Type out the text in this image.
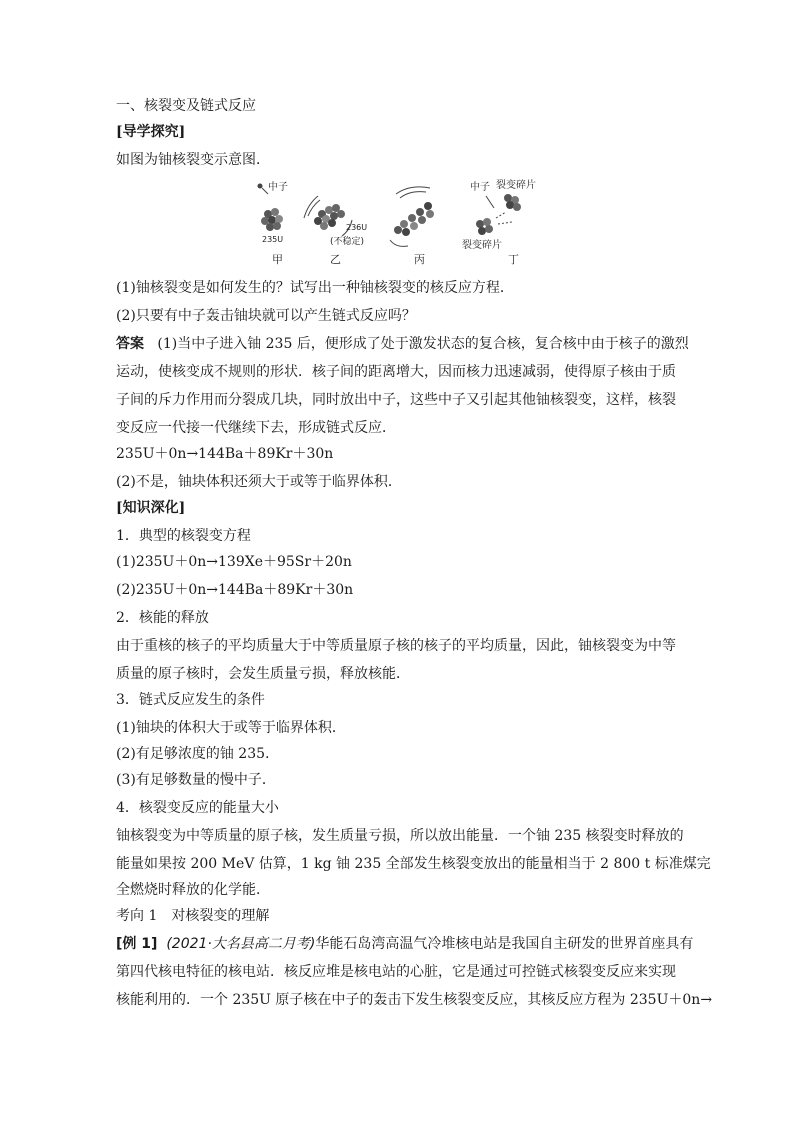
一、核裂变及链式反应
[导学探究]
如图为铀核裂变示意图．
中子
235U
甲
236U
(不稳定)
乙	丙
中子 裂变碎片
裂变碎片
丁
(1)铀核裂变是如何发生的？试写出一种铀核裂变的核反应方程．
(2)只要有中子轰击铀块就可以产生链式反应吗？
答案 (1)当中子进入铀 235 后，便形成了处于激发状态的复合核，复合核中由于核子的激烈
运动，使核变成不规则的形状．核子间的距离增大，因而核力迅速减弱，使得原子核由于质
子间的斥力作用而分裂成几块，同时放出中子，这些中子又引起其他铀核裂变，这样，核裂
变反应一代接一代继续下去，形成链式反应．
235U＋0n→144Ba＋89Kr＋30n
(2)不是，铀块体积还须大于或等于临界体积．
[知识深化]
1．典型的核裂变方程
(1)235U＋0n→139Xe＋95Sr＋20n
(2)235U＋0n→144Ba＋89Kr＋30n
2．核能的释放
由于重核的核子的平均质量大于中等质量原子核的核子的平均质量，因此，铀核裂变为中等
质量的原子核时，会发生质量亏损，释放核能．
3．链式反应发生的条件
(1)铀块的体积大于或等于临界体积．
(2)有足够浓度的铀 235.
(3)有足够数量的慢中子．
4．核裂变反应的能量大小
铀核裂变为中等质量的原子核，发生质量亏损，所以放出能量．一个铀 235 核裂变时释放的
能量如果按 200 MeV 估算，1 kg 铀 235 全部发生核裂变放出的能量相当于 2 800 t 标准煤完
全燃烧时释放的化学能．
考向 1　对核裂变的理解
[例 1] (2021·大名县高二月考)华能石岛湾高温气冷堆核电站是我国自主研发的世界首座具有
第四代核电特征的核电站．核反应堆是核电站的心脏，它是通过可控链式核裂变反应来实现
核能利用的．一个 235U 原子核在中子的轰击下发生核裂变反应，其核反应方程为 235U＋0n→
